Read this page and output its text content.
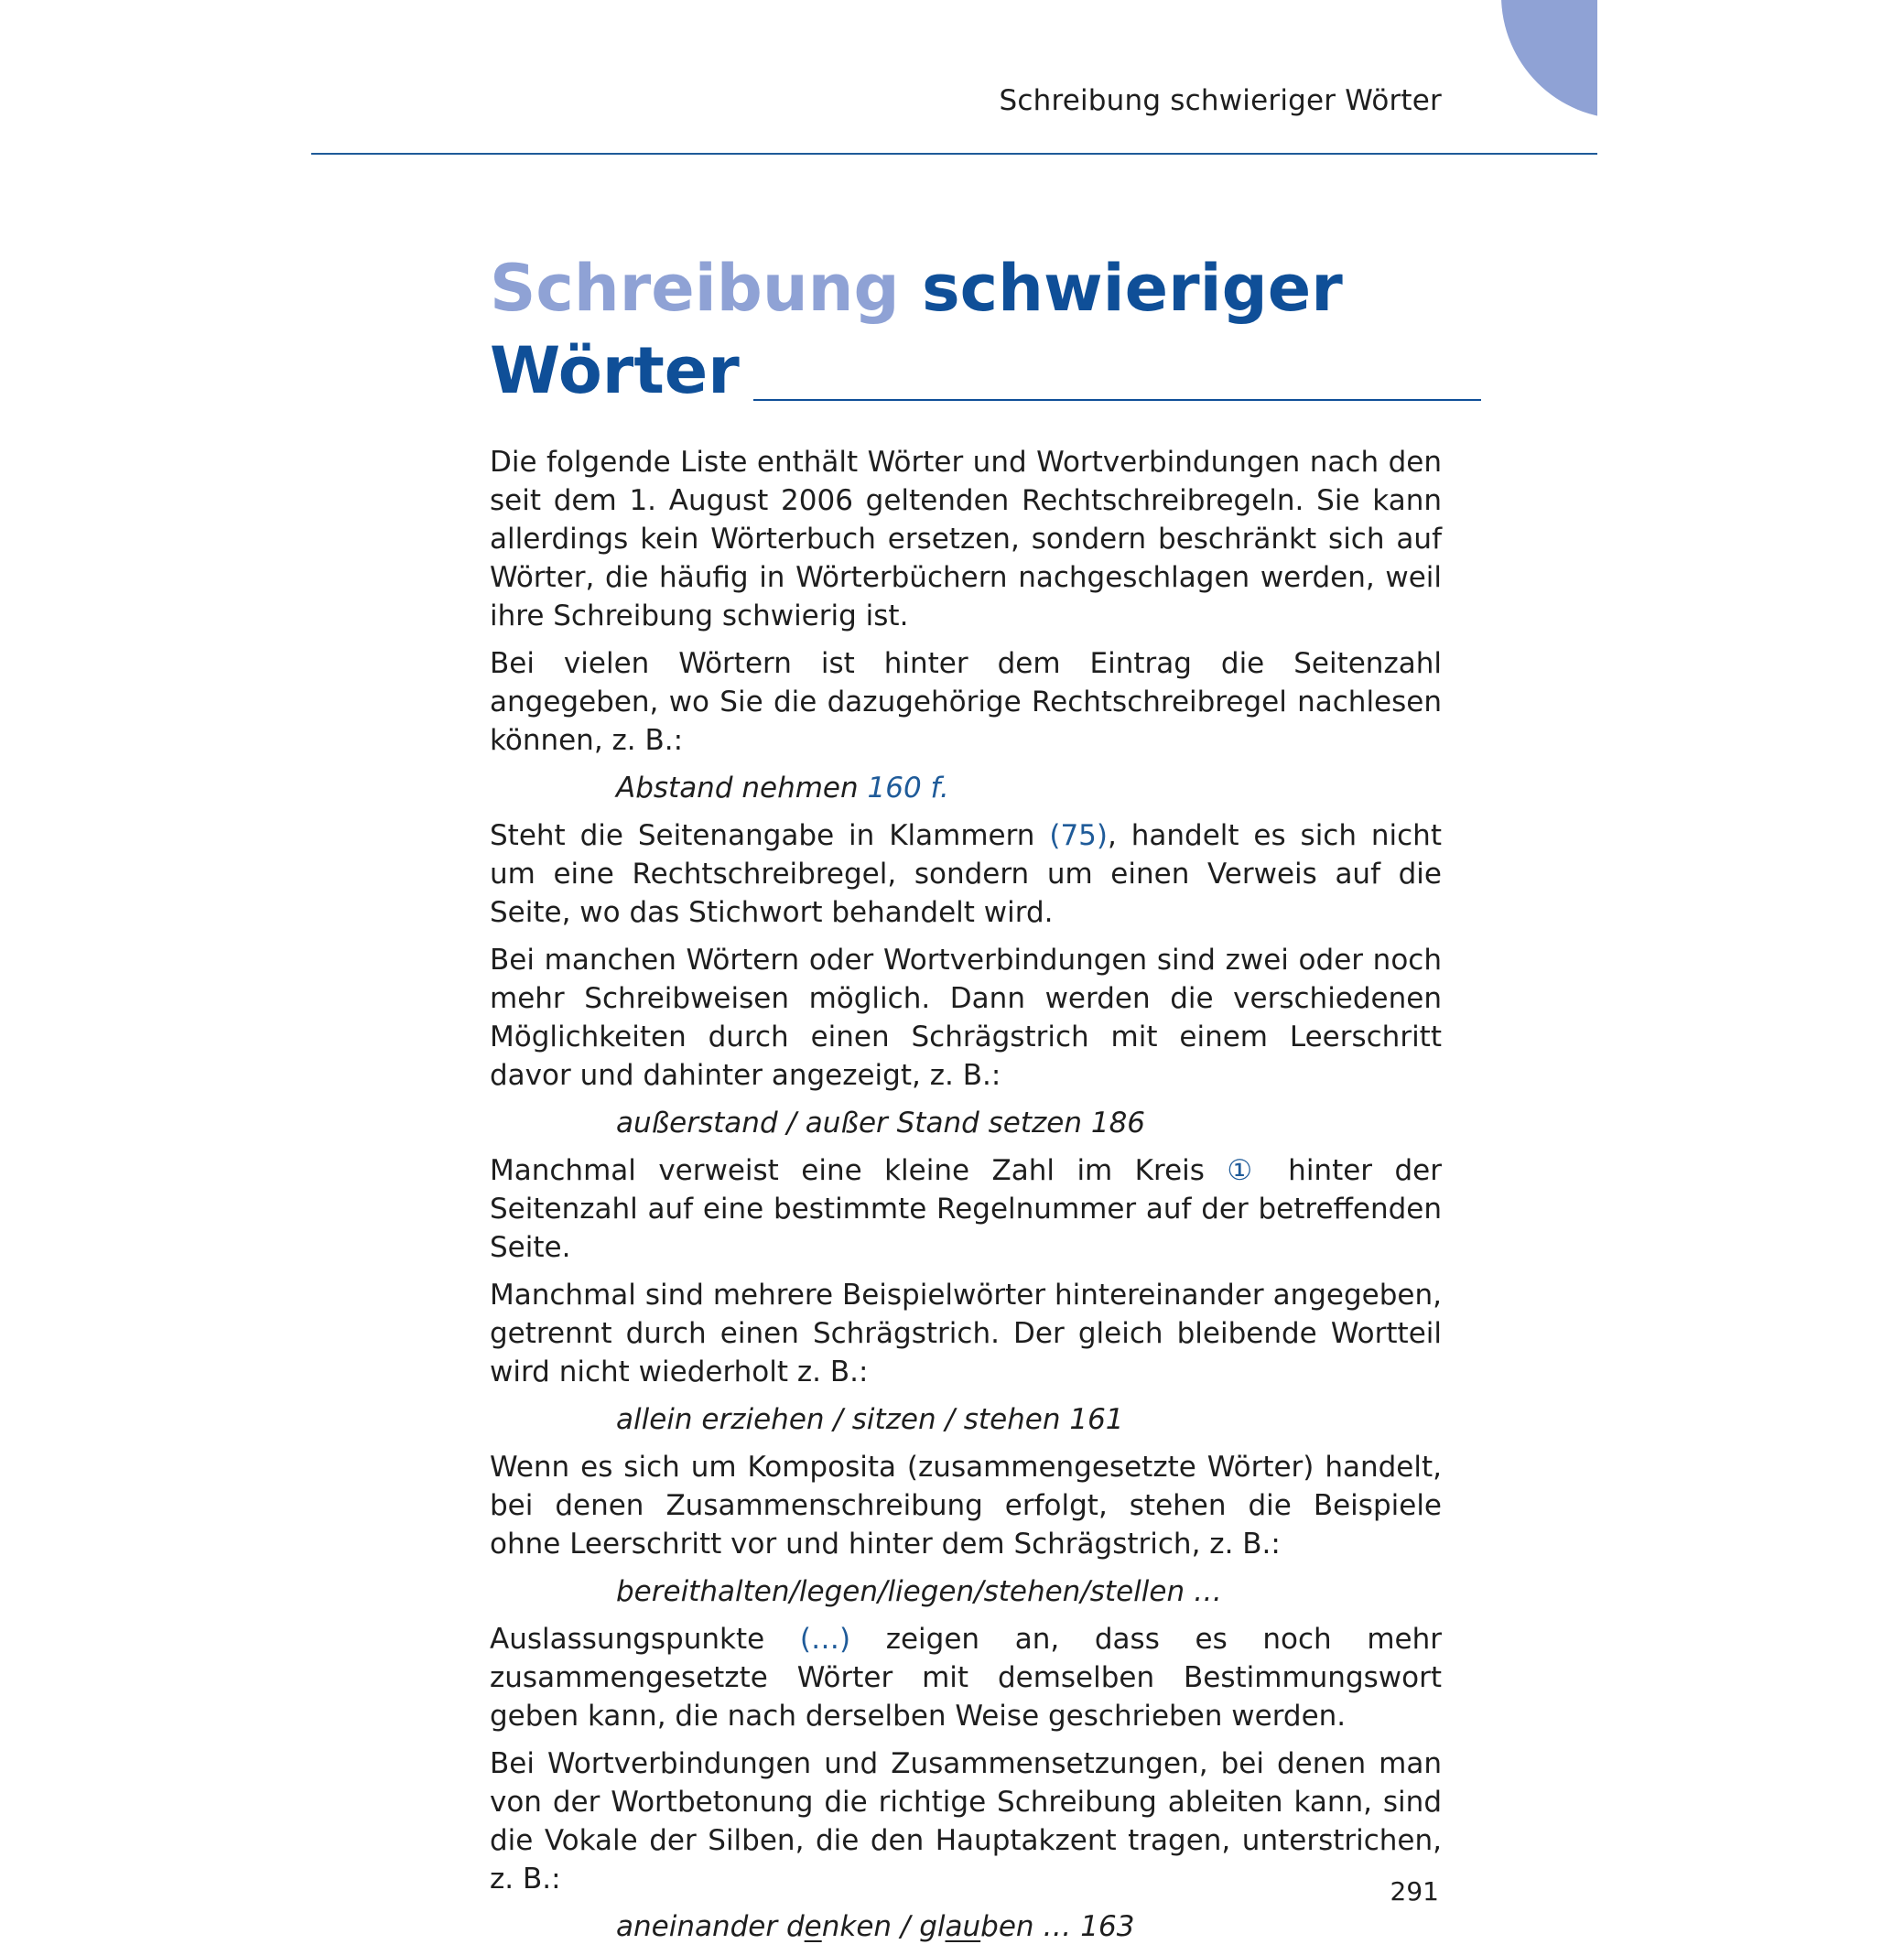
Schreibung schwieriger Wörter
Schreibung schwieriger
Wörter

Die folgende Liste enthält Wörter und Wortverbindungen nach den seit dem 1. August 2006 geltenden Rechtschreibregeln. Sie kann allerdings kein Wörterbuch ersetzen, sondern beschränkt sich auf Wörter, die häufig in Wörterbüchern nachgeschlagen werden, weil ihre Schreibung schwierig ist.

Bei vielen Wörtern ist hinter dem Eintrag die Seitenzahl angegeben, wo Sie die dazugehörige Rechtschreibregel nachlesen können, z. B.:

Abstand nehmen 160 f.

Steht die Seitenangabe in Klammern (75), handelt es sich nicht um eine Rechtschreibregel, sondern um einen Verweis auf die Seite, wo das Stichwort behandelt wird.

Bei manchen Wörtern oder Wortverbindungen sind zwei oder noch mehr Schreibweisen möglich. Dann werden die verschiedenen Möglichkeiten durch einen Schrägstrich mit einem Leerschritt davor und dahinter angezeigt, z. B.:

außerstand / außer Stand setzen 186

Manchmal verweist eine kleine Zahl im Kreis ① hinter der Seitenzahl auf eine bestimmte Regelnummer auf der betreffenden Seite.

Manchmal sind mehrere Beispielwörter hintereinander angegeben, getrennt durch einen Schrägstrich. Der gleich bleibende Wortteil wird nicht wiederholt z. B.:

allein erziehen / sitzen / stehen 161

Wenn es sich um Komposita (zusammengesetzte Wörter) handelt, bei denen Zusammenschreibung erfolgt, stehen die Beispiele ohne Leerschritt vor und hinter dem Schrägstrich, z. B.:

bereithalten/legen/liegen/stehen/stellen …

Auslassungspunkte (…) zeigen an, dass es noch mehr zusammengesetzte Wörter mit demselben Bestimmungswort geben kann, die nach derselben Weise geschrieben werden.

Bei Wortverbindungen und Zusammensetzungen, bei denen man von der Wortbetonung die richtige Schreibung ableiten kann, sind die Vokale der Silben, die den Hauptakzent tragen, unterstrichen, z. B.:

aneinander denken / glauben … 163

291
